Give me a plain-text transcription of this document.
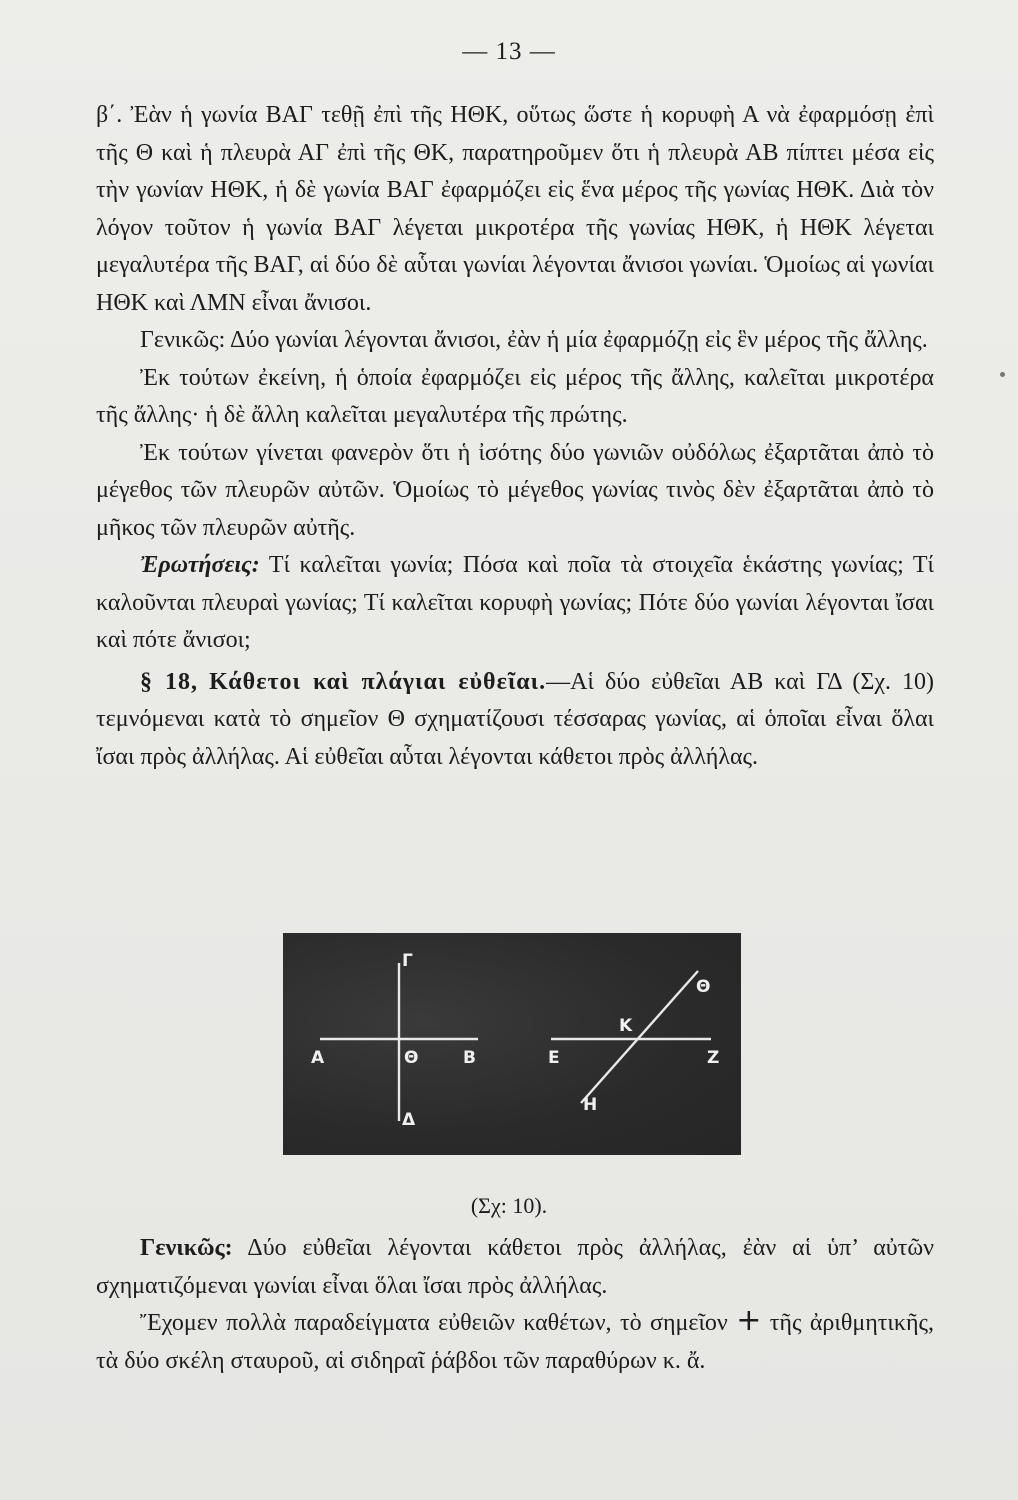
— 13 —

β΄. Ἐὰν ἡ γωνία ΒΑΓ τεθῇ ἐπὶ τῆς ΗΘΚ, οὕτως ὥστε ἡ κορυφὴ Α νὰ ἐφαρμόσῃ ἐπὶ τῆς Θ καὶ ἡ πλευρὰ ΑΓ ἐπὶ τῆς ΘΚ, παρατηροῦμεν ὅτι ἡ πλευρὰ ΑΒ πίπτει μέσα εἰς τὴν γωνίαν ΗΘΚ, ἡ δὲ γωνία ΒΑΓ ἐφαρμόζει εἰς ἕνα μέρος τῆς γωνίας ΗΘΚ. Διὰ τὸν λόγον τοῦτον ἡ γωνία ΒΑΓ λέγεται μικροτέρα τῆς γωνίας ΗΘΚ, ἡ ΗΘΚ λέγεται μεγαλυτέρα τῆς ΒΑΓ, αἱ δύο δὲ αὗται γωνίαι λέγονται ἄνισοι γωνίαι. Ὁμοίως αἱ γωνίαι ΗΘΚ καὶ ΛΜΝ εἶναι ἄνισοι.

Γενικῶς: Δύο γωνίαι λέγονται ἄνισοι, ἐὰν ἡ μία ἐφαρμόζῃ εἰς ἓν μέρος τῆς ἄλλης.

Ἐκ τούτων ἐκείνη, ἡ ὁποία ἐφαρμόζει εἰς μέρος τῆς ἄλλης, καλεῖται μικροτέρα τῆς ἄλλης· ἡ δὲ ἄλλη καλεῖται μεγαλυτέρα τῆς πρώτης.

Ἐκ τούτων γίνεται φανερὸν ὅτι ἡ ἰσότης δύο γωνιῶν οὐδόλως ἐξαρτᾶται ἀπὸ τὸ μέγεθος τῶν πλευρῶν αὐτῶν. Ὁμοίως τὸ μέγεθος γωνίας τινὸς δὲν ἐξαρτᾶται ἀπὸ τὸ μῆκος τῶν πλευρῶν αὐτῆς.

Ἐρωτήσεις: Τί καλεῖται γωνία; Πόσα καὶ ποῖα τὰ στοιχεῖα ἑκάστης γωνίας; Τί καλοῦνται πλευραὶ γωνίας; Τί καλεῖται κορυφὴ γωνίας; Πότε δύο γωνίαι λέγονται ἴσαι καὶ πότε ἄνισοι;

§ 18, Κάθετοι καὶ πλάγιαι εὐθεῖαι.—Αἱ δύο εὐθεῖαι ΑΒ καὶ ΓΔ (Σχ. 10) τεμνόμεναι κατὰ τὸ σημεῖον Θ σχηματίζουσι τέσσαρας γωνίας, αἱ ὁποῖαι εἶναι ὅλαι ἴσαι πρὸς ἀλλήλας. Αἱ εὐθεῖαι αὗται λέγονται κάθετοι πρὸς ἀλλήλας.

Α	Β
Γ
Δ
Θ	Ε	Ζ
Κ
Η
Θ
(Σχ: 10).

Γενικῶς: Δύο εὐθεῖαι λέγονται κάθετοι πρὸς ἀλλήλας, ἐὰν αἱ ὑπ’ αὐτῶν σχηματιζόμεναι γωνίαι εἶναι ὅλαι ἴσαι πρὸς ἀλλήλας.

Ἔχομεν πολλὰ παραδείγματα εὐθειῶν καθέτων, τὸ σημεῖον + τῆς ἀριθμητικῆς, τὰ δύο σκέλη σταυροῦ, αἱ σιδηραῖ ῥάβδοι τῶν παραθύρων κ. ἄ.
